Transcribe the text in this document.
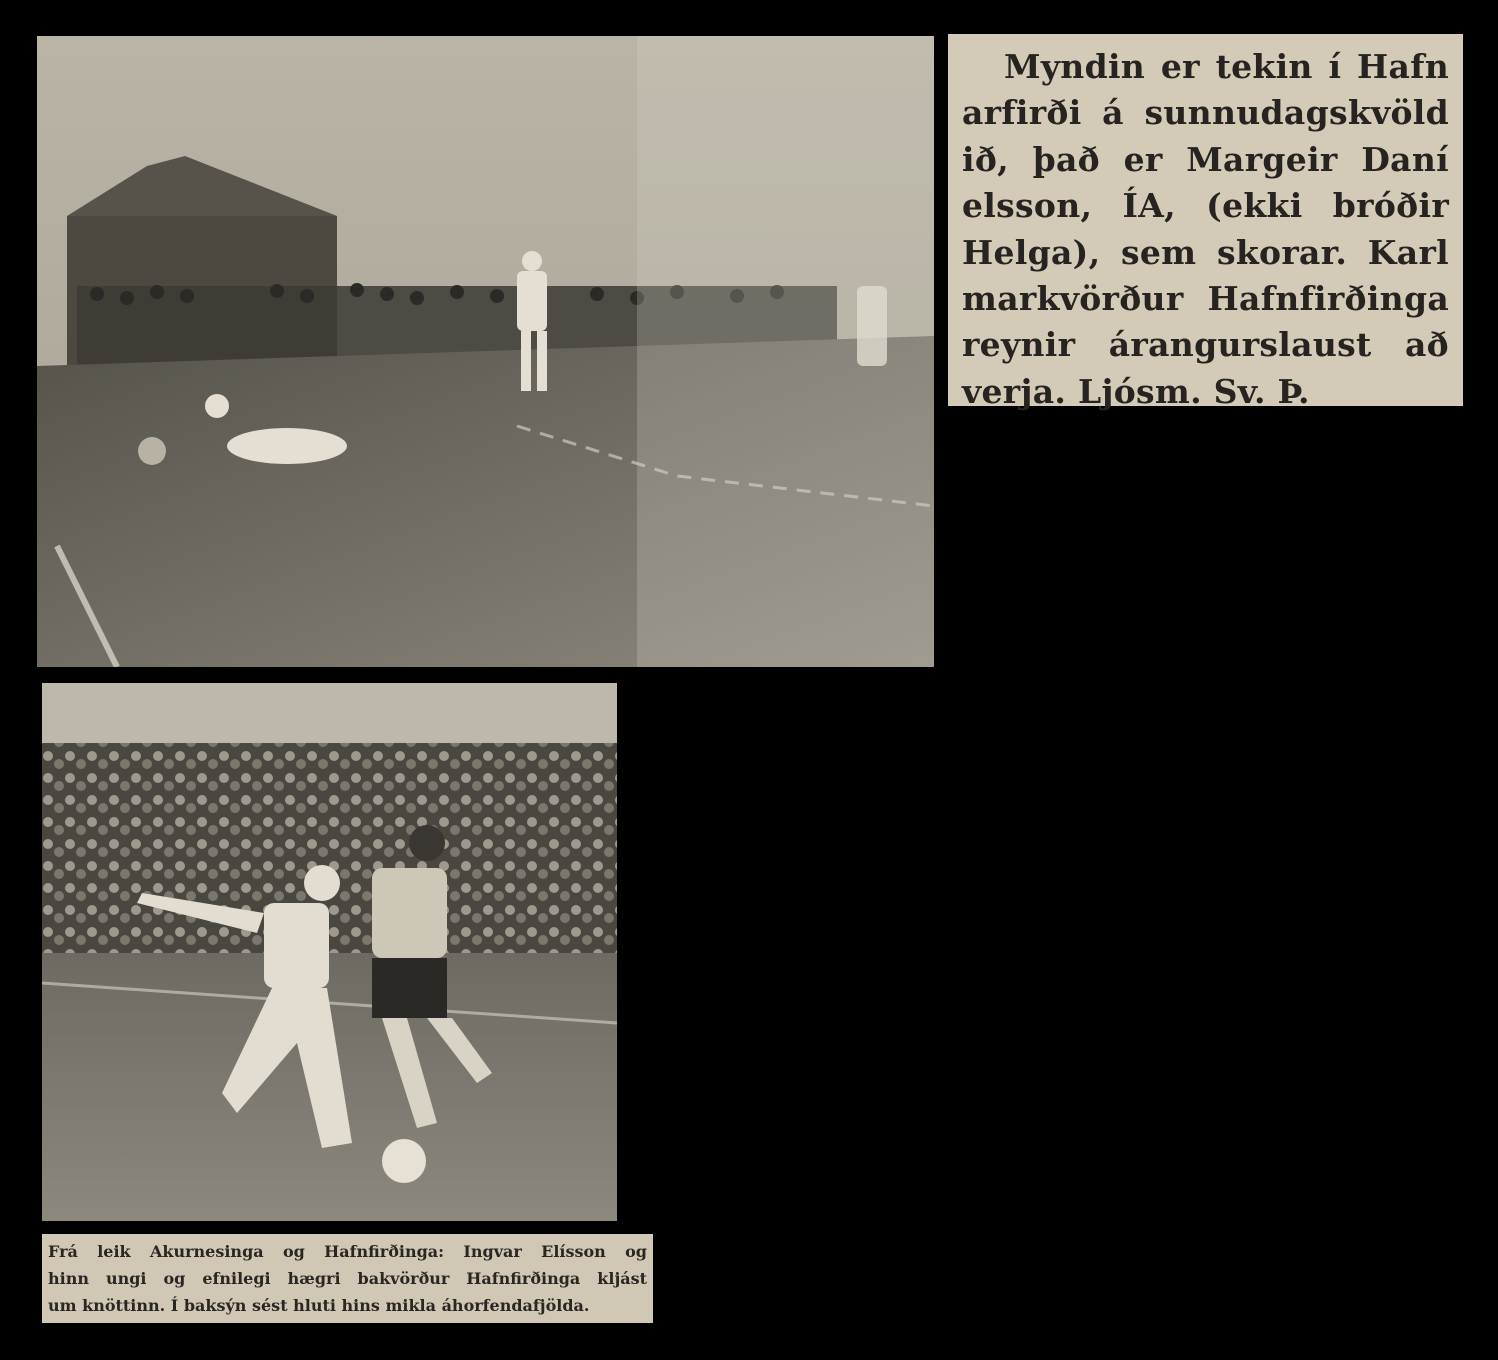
Myndin er tekin í Hafn
arfirði á sunnudagskvöld
ið, það er Margeir Daní
elsson, ÍA, (ekki bróðir
Helga), sem skorar. Karl
markvörður Hafnfirðinga
reynir árangurslaust að
verja. Ljósm. Sv. Þ.
Frá leik Akurnesinga og Hafnfirðinga: Ingvar Elísson og
hinn ungi og efnilegi hægri bakvörður Hafnfirðinga kljást
um knöttinn. Í baksýn sést hluti hins mikla áhorfendafjölda.
